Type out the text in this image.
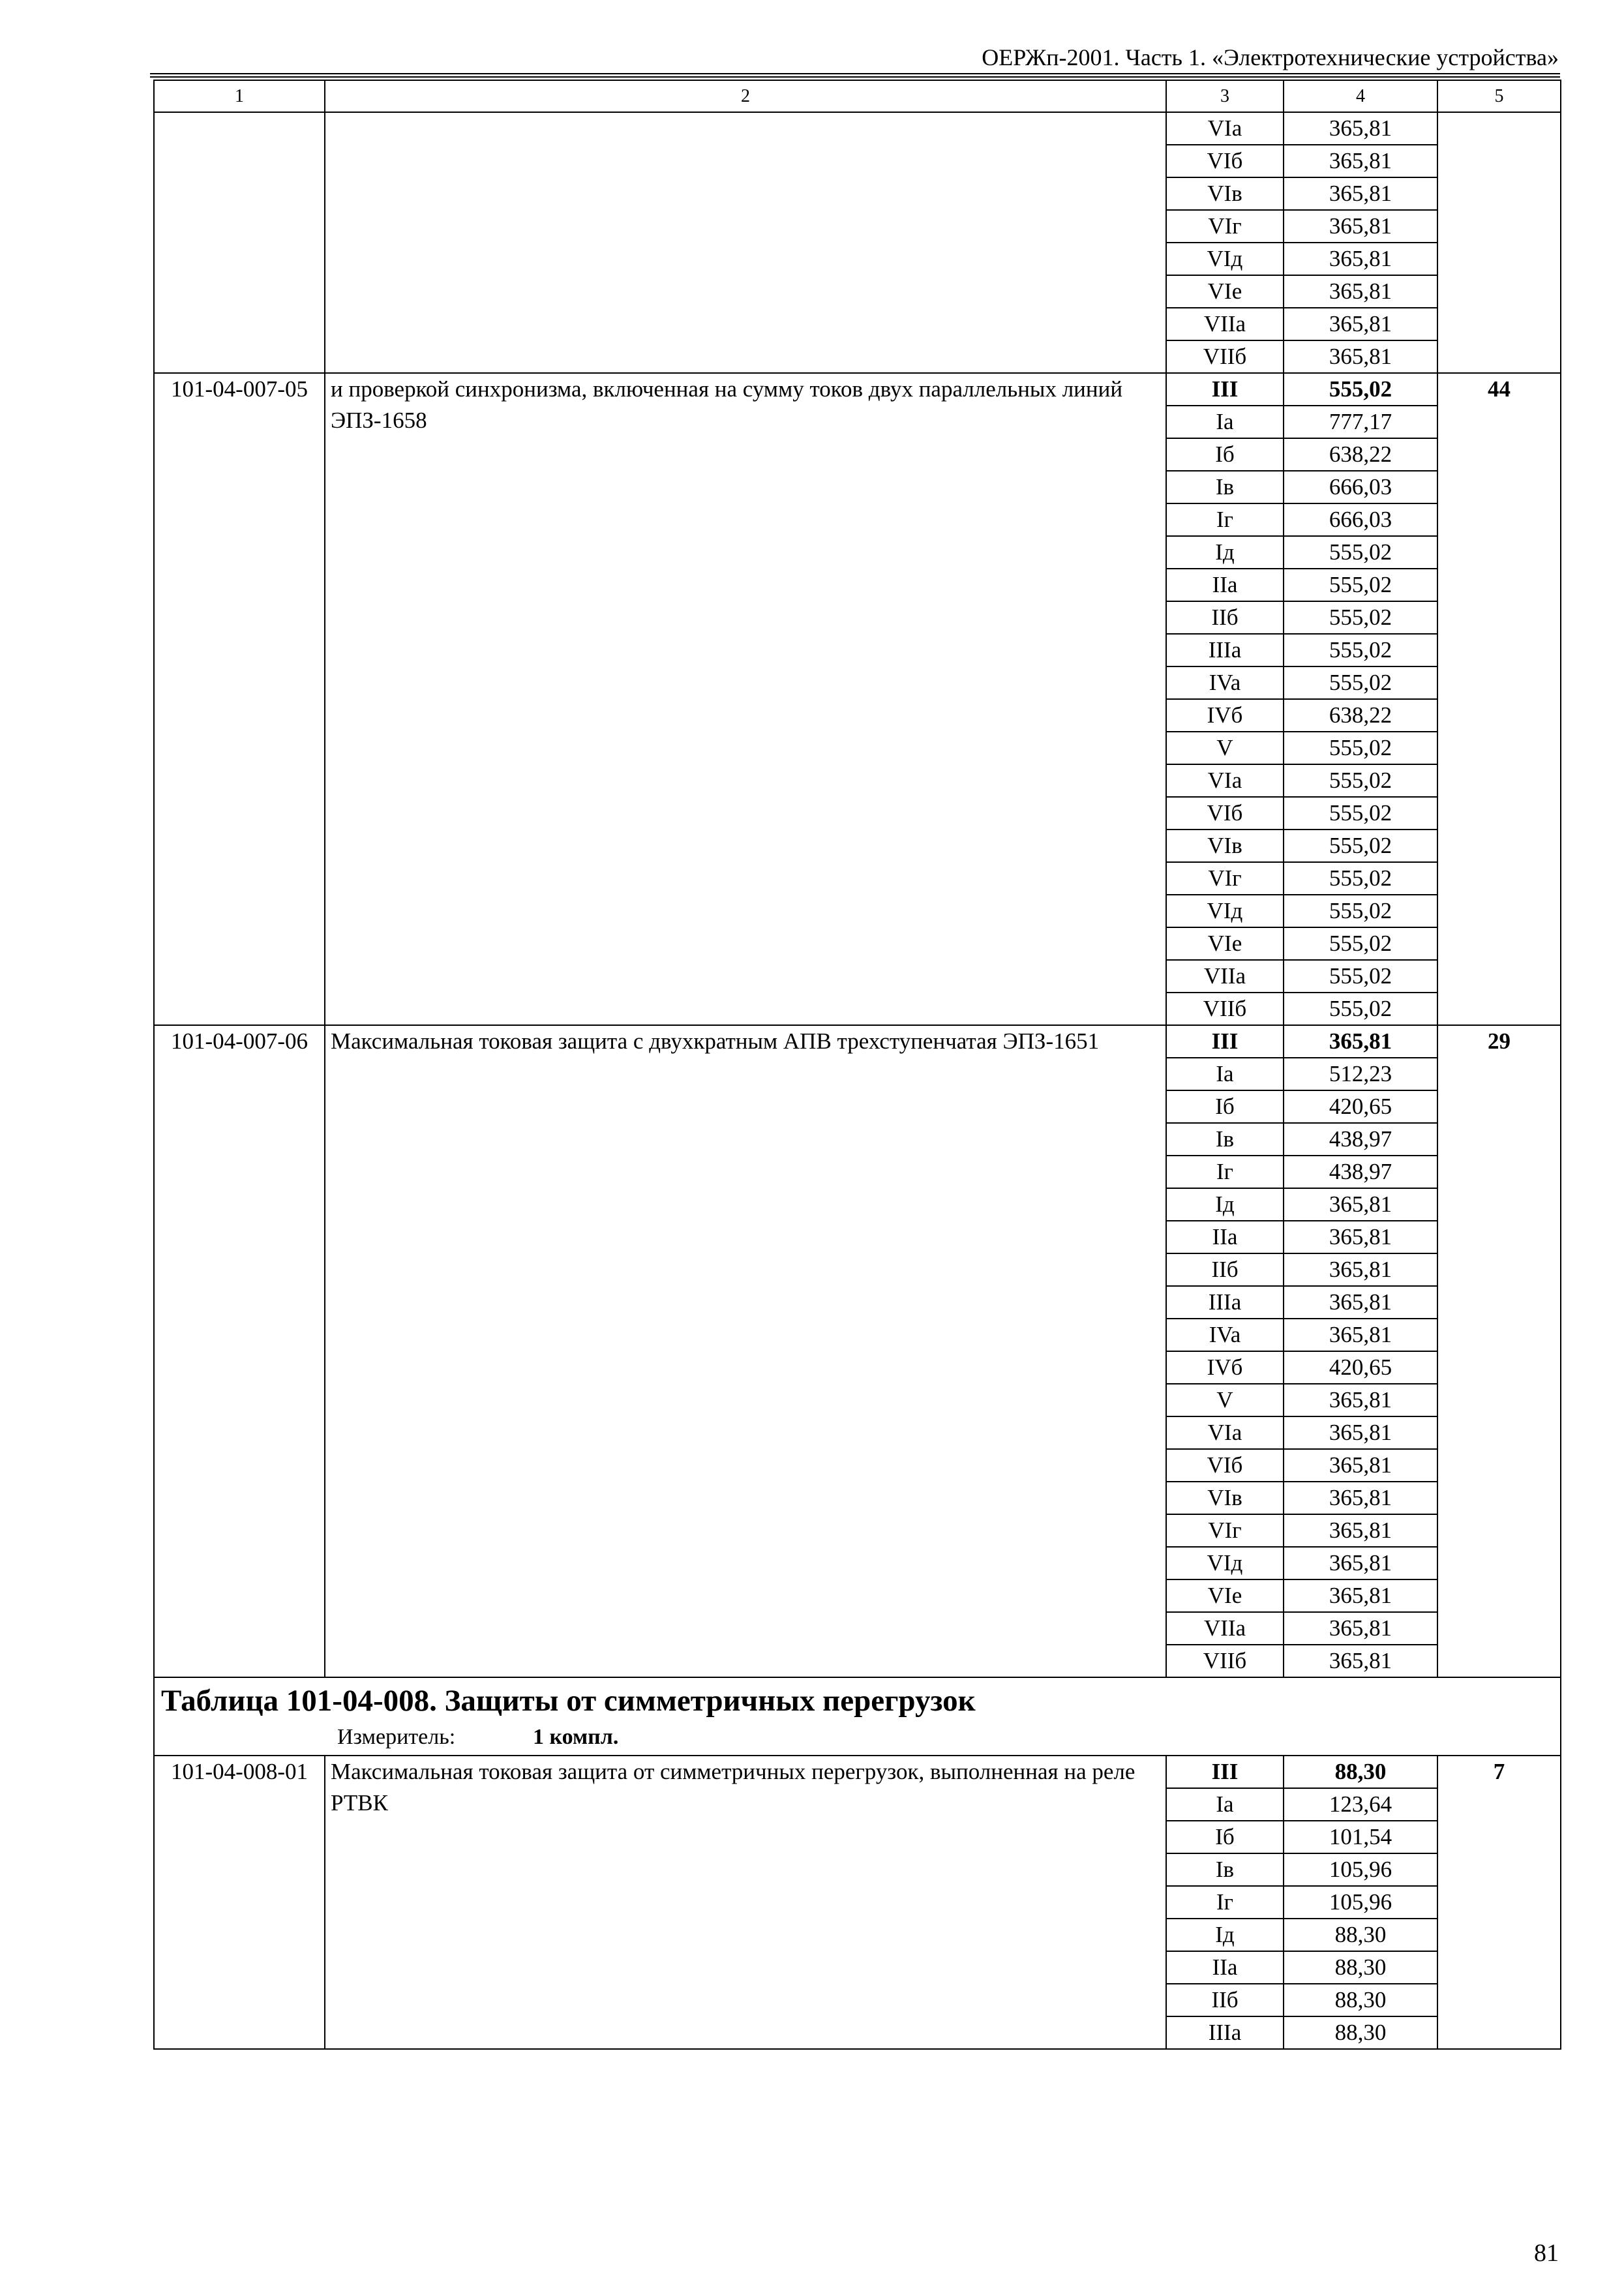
ОЕРЖп-2001. Часть 1. «Электротехнические устройства»
1	2	3	4	5
		VIa	365,81	
		VIб	365,81	
		VIв	365,81	
		VIг	365,81	
		VIд	365,81	
		VIе	365,81	
		VIIa	365,81	
		VIIб	365,81	
101-04-007-05	и проверкой синхронизма, включенная на сумму токов двух параллельных линий ЭПЗ-1658	III	555,02	44
		Ia	777,17	
		Iб	638,22	
		Iв	666,03	
		Iг	666,03	
		Iд	555,02	
		IIa	555,02	
		IIб	555,02	
		IIIa	555,02	
		IVa	555,02	
		IVб	638,22	
		V	555,02	
		VIa	555,02	
		VIб	555,02	
		VIв	555,02	
		VIг	555,02	
		VIд	555,02	
		VIе	555,02	
		VIIa	555,02	
		VIIб	555,02	
101-04-007-06	Максимальная токовая защита с двухкратным АПВ трехступенчатая ЭПЗ-1651	III	365,81	29
		Ia	512,23	
		Iб	420,65	
		Iв	438,97	
		Iг	438,97	
		Iд	365,81	
		IIa	365,81	
		IIб	365,81	
		IIIa	365,81	
		IVa	365,81	
		IVб	420,65	
		V	365,81	
		VIa	365,81	
		VIб	365,81	
		VIв	365,81	
		VIг	365,81	
		VIд	365,81	
		VIе	365,81	
		VIIa	365,81	
		VIIб	365,81	

Таблица 101-04-008. Защиты от симметричных перегрузок
Измеритель: 1 компл.				

101-04-008-01	Максимальная токовая защита от симметричных перегрузок, выполненная на реле РТВК	III	88,30	7
		Ia	123,64	
		Iб	101,54	
		Iв	105,96	
		Iг	105,96	
		Iд	88,30	
		IIa	88,30	
		IIб	88,30	
		IIIa	88,30	
81
